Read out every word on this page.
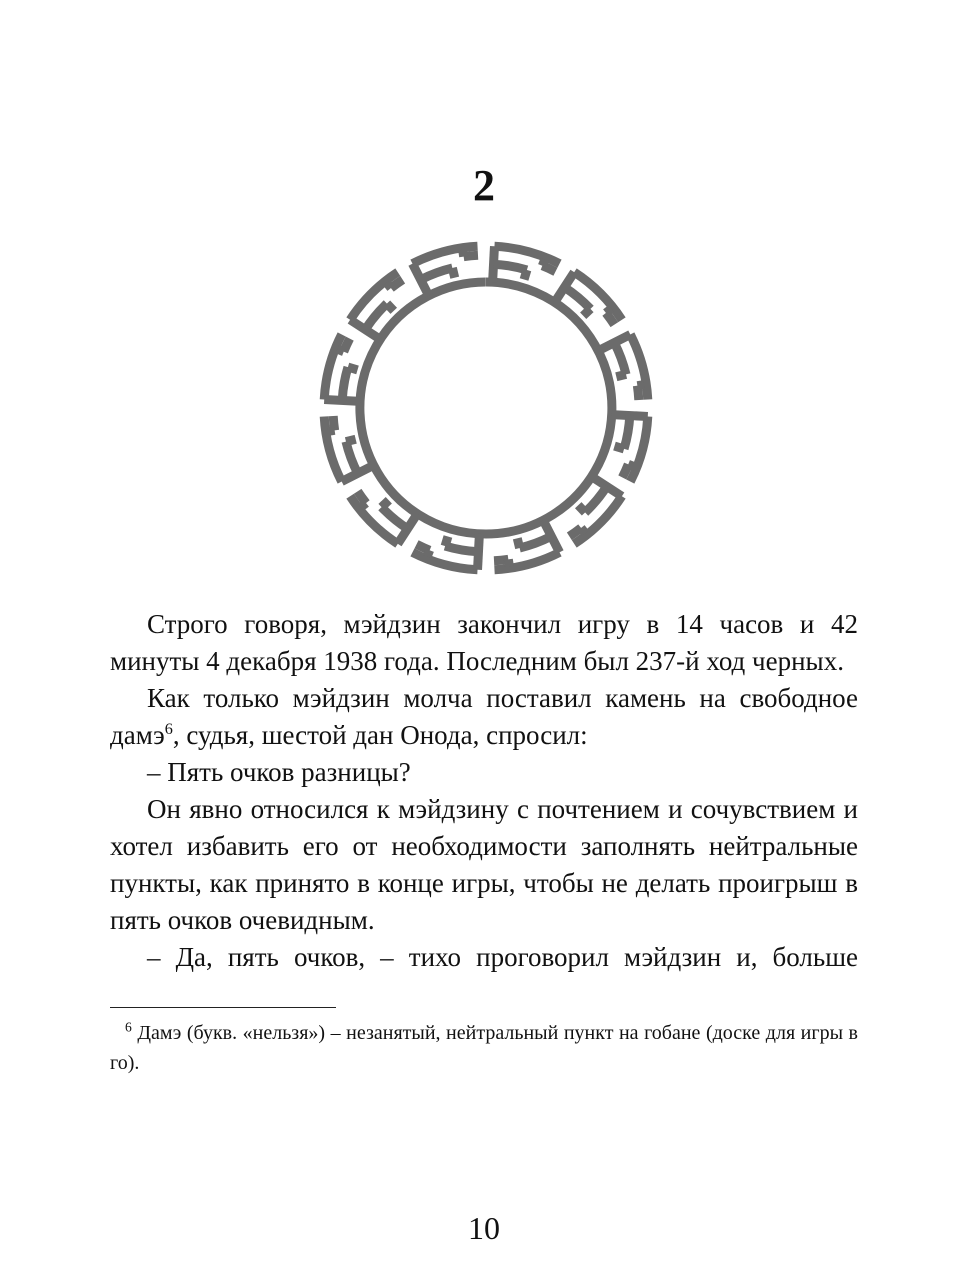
2

Строго говоря, мэйдзин закончил игру в 14 часов и 42 минуты 4 декабря 1938 года. Последним был 237-й ход черных.

Как только мэйдзин молча поставил камень на свободное дамэ$^6$, судья, шестой дан Онода, спросил:

– Пять очков разницы?

Он явно относился к мэйдзину с почтением и сочувствием и хотел избавить его от необходимости заполнять нейтральные пункты, как принято в конце игры, чтобы не делать проигрыш в пять очков очевидным.

– Да, пять очков, – тихо проговорил мэйдзин и, больше

$^6$ Дамэ (букв. «нельзя») – незанятый, нейтральный пункт на гобане (доске для игры в го).

10
